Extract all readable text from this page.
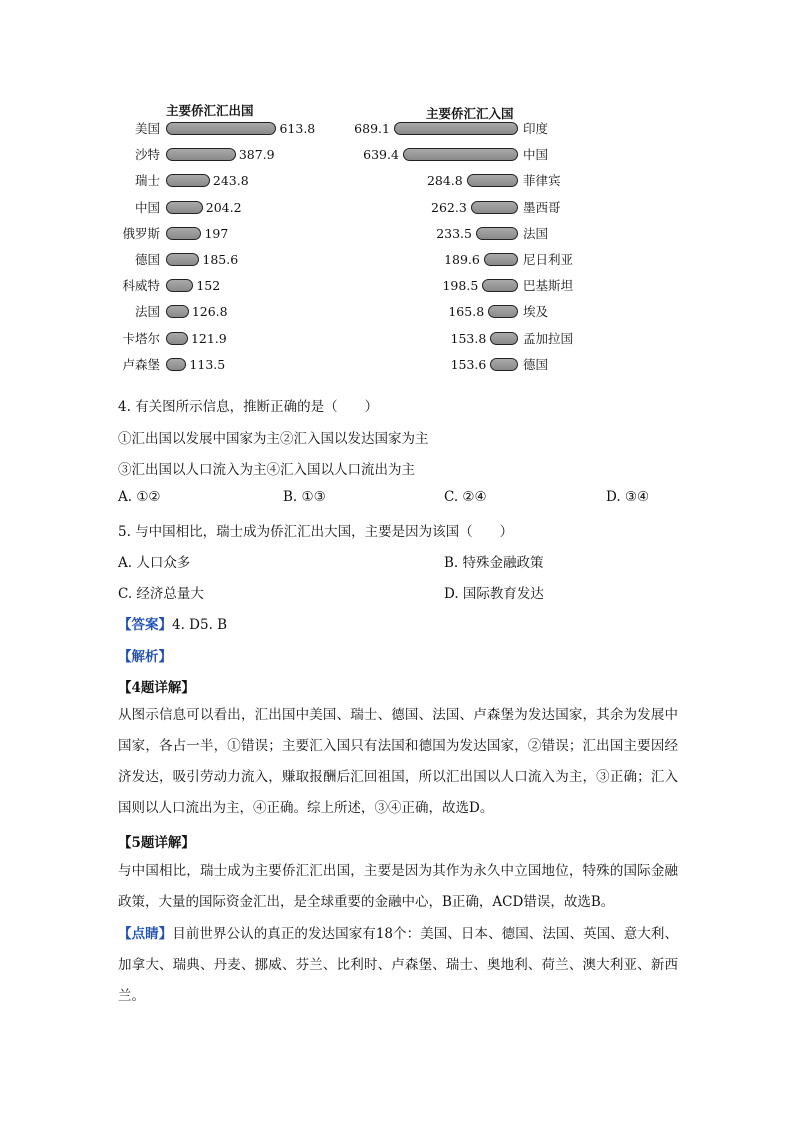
主要侨汇汇出国	主要侨汇汇入国
美国	613.8
沙特	387.9
瑞士	243.8
中国	204.2
俄罗斯	197
德国	185.6
科威特	152
法国	126.8
卡塔尔 121.9
卢森堡 113.5
689.1	印度
639.4	中国
284.8	菲律宾
262.3	墨西哥
233.5	法国
189.6	尼日利亚
198.5	巴基斯坦
165.8	埃及
153.8	孟加拉国
153.6	德国
4. 有关图所示信息，推断正确的是（　　）
①汇出国以发展中国家为主②汇入国以发达国家为主
③汇出国以人口流入为主④汇入国以人口流出为主
A. ①②	B. ①③	C. ②④	D. ③④
5. 与中国相比，瑞士成为侨汇汇出大国，主要是因为该国（　　）
A. 人口众多	B. 特殊金融政策
C. 经济总量大	D. 国际教育发达
【答案】4. D5. B
【解析】
【4题详解】

从图示信息可以看出，汇出国中美国、瑞士、德国、法国、卢森堡为发达国家，其余为发展中国家，各占一半，①错误；主要汇入国只有法国和德国为发达国家，②错误；汇出国主要因经济发达，吸引劳动力流入，赚取报酬后汇回祖国，所以汇出国以人口流入为主，③正确；汇入国则以人口流出为主，④正确。综上所述，③④正确，故选D。

【5题详解】

与中国相比，瑞士成为主要侨汇汇出国，主要是因为其作为永久中立国地位，特殊的国际金融政策，大量的国际资金汇出，是全球重要的金融中心，B正确，ACD错误，故选B。

【点睛】目前世界公认的真正的发达国家有18个：美国、日本、德国、法国、英国、意大利、加拿大、瑞典、丹麦、挪威、芬兰、比利时、卢森堡、瑞士、奥地利、荷兰、澳大利亚、新西兰。
